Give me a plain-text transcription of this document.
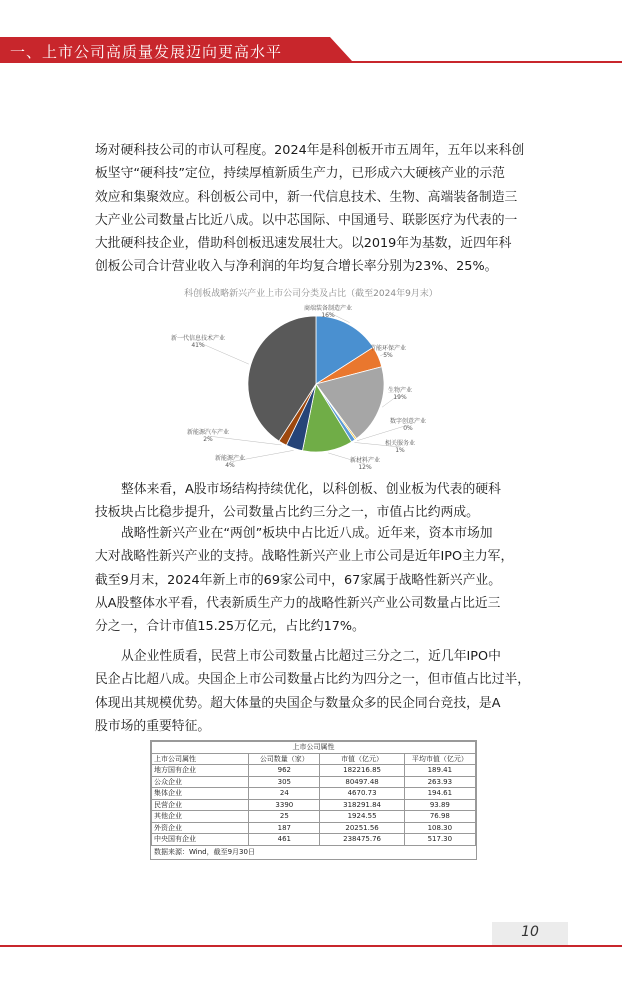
一、上市公司高质量发展迈向更高水平

场对硬科技公司的市认可程度。2024年是科创板开市五周年，五年以来科创
板坚守“硬科技”定位，持续厚植新质生产力，已形成六大硬核产业的示范
效应和集聚效应。科创板公司中，新一代信息技术、生物、高端装备制造三
大产业公司数量占比近八成。以中芯国际、中国通号、联影医疗为代表的一
大批硬科技企业，借助科创板迅速发展壮大。以2019年为基数，近四年科
创板公司合计营业收入与净利润的年均复合增长率分别为23%、25%。

科创板战略新兴产业上市公司分类及占比（截至2024年9月末）
商端装备制造产业
16%
节能环保产业
5%
生物产业
19%
数字创意产业
0%
相关服务业
1%
新材料产业
12%
新能源产业
4%
新能源汽车产业
2%
新一代信息技术产业
41%

整体来看，A股市场结构持续优化，以科创板、创业板为代表的硬科
技板块占比稳步提升，公司数量占比约三分之一，市值占比约两成。

战略性新兴产业在“两创”板块中占比近八成。近年来，资本市场加
大对战略性新兴产业的支持。战略性新兴产业上市公司是近年IPO主力军，
截至9月末，2024年新上市的69家公司中，67家属于战略性新兴产业。
从A股整体水平看，代表新质生产力的战略性新兴产业公司数量占比近三
分之一，合计市值15.25万亿元，占比约17%。

从企业性质看，民营上市公司数量占比超过三分之二，近几年IPO中
民企占比超八成。央国企上市公司数量占比约为四分之一，但市值占比过半，
体现出其规模优势。超大体量的央国企与数量众多的民企同台竞技，是A
股市场的重要特征。

上市公司属性			
上市公司属性	公司数量（家）	市值（亿元）	平均市值（亿元）
地方国有企业	962	182216.85	189.41
公众企业	305	80497.48	263.93
集体企业	24	4670.73	194.61
民营企业	3390	318291.84	93.89
其他企业	25	1924.55	76.98
外资企业	187	20251.56	108.30
中央国有企业	461	238475.76	517.30
数据来源：Wind，截至9月30日
10
